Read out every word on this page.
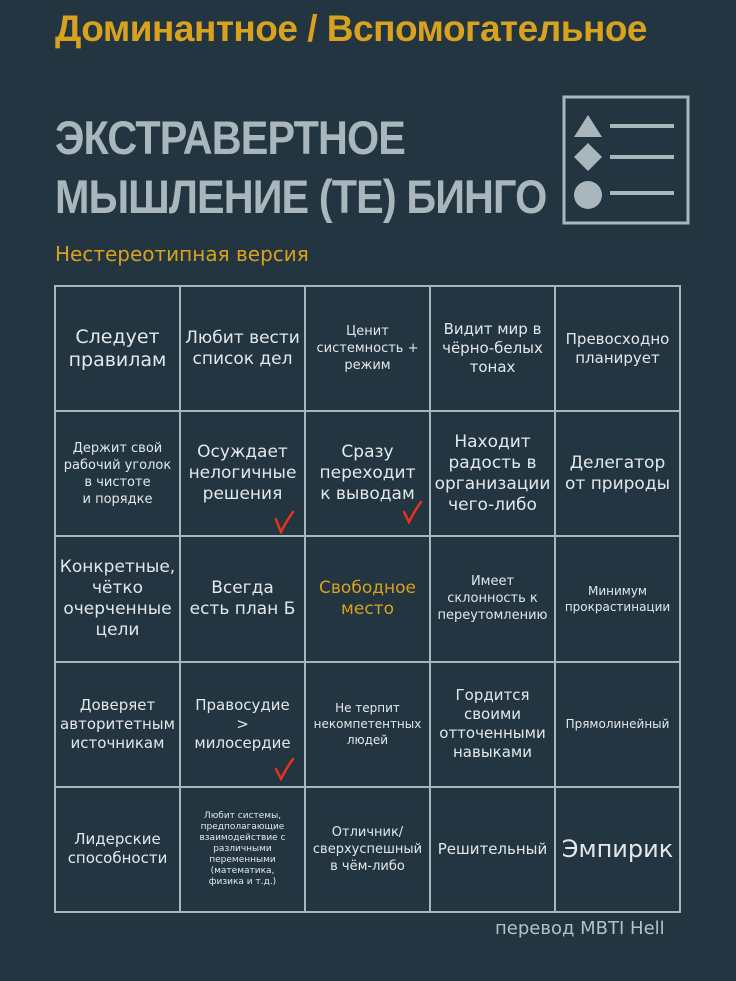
Доминантное / Вспомогательное
ЭКСТРАВЕРТНОЕ
МЫШЛЕНИЕ (TE) БИНГО
Нестереотипная версия
Следует
правилам
Любит вести
список дел
Ценит
системность +
режим
Видит мир в
чёрно-белых
тонах
Превосходно
планирует
Держит свой
рабочий уголок
в чистоте
и порядке
Осуждает
нелогичные
решения
Сразу
переходит
к выводам
Находит
радость в
организации
чего-либо
Делегатор
от природы
Конкретные,
чётко
очерченные
цели
Всегда
есть план Б
Свободное
место
Имеет
склонность к
переутомлению
Минимум
прокрастинации
Доверяет
авторитетным
источникам
Правосудие
>
милосердие
Не терпит
некомпетентных
людей
Гордится
своими
отточенными
навыками
Прямолинейный
Лидерские
способности
Любит системы,
предполагающие
взаимодействие с
различными
переменными
(математика,
физика и т.д.)
Отличник/
сверхуспешный
в чём-либо
Решительный Эмпирик
перевод MBTI Hell
